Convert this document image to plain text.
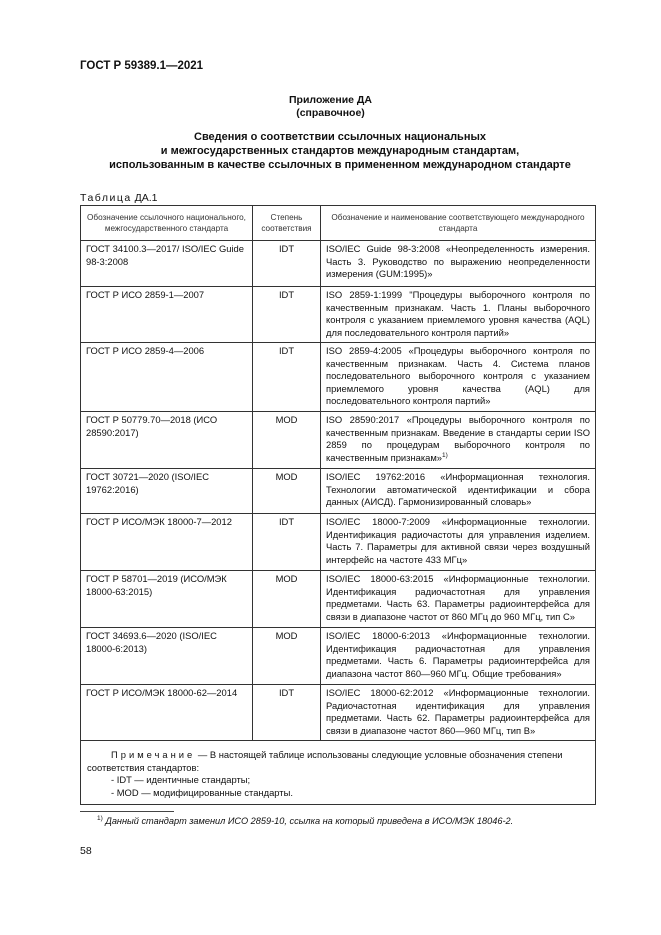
ГОСТ Р 59389.1—2021
Приложение ДА
(справочное)
Сведения о соответствии ссылочных национальных
и межгосударственных стандартов международным стандартам,
использованным в качестве ссылочных в примененном международном стандарте
Таблица ДА.1
Обозначение ссылочного национального, межгосударственного стандарта	Степень соответствия	Обозначение и наименование соответствующего международного стандарта
ГОСТ 34100.3—2017/ ISO/IEC Guide 98-3:2008	IDT	ISO/IEC Guide 98-3:2008 «Неопределенность измерения. Часть 3. Руководство по выражению неопределенности измерения (GUM:1995)»
ГОСТ Р ИСО 2859-1—2007	IDT	ISO 2859-1:1999 "Процедуры выборочного контроля по качественным признакам. Часть 1. Планы выборочного контроля с указанием приемлемого уровня качества (AQL) для последовательного контроля партий»
ГОСТ Р ИСО 2859-4—2006	IDT	ISO 2859-4:2005 «Процедуры выборочного контроля по качественным признакам. Часть 4. Система планов последовательного выборочного контроля с указанием приемлемого уровня качества (AQL) для последовательного контроля партий»
ГОСТ Р 50779.70—2018 (ИСО 28590:2017)	MOD	ISO 28590:2017 «Процедуры выборочного контроля по качественным признакам. Введение в стандарты серии ISO 2859 по процедурам выборочного контроля по качественным признакам»$^{1)}$
ГОСТ 30721—2020 (ISO/IEC 19762:2016)	MOD	ISO/IEC 19762:2016 «Информационная технология. Технологии автоматической идентификации и сбора данных (АИСД). Гармонизированный словарь»
ГОСТ Р ИСО/МЭК 18000-7—2012	IDT	ISO/IEC 18000-7:2009 «Информационные технологии. Идентификация радиочастоты для управления изделием. Часть 7. Параметры для активной связи через воздушный интерфейс на частоте 433 МГц»
ГОСТ Р 58701—2019 (ИСО/МЭК 18000-63:2015)	MOD	ISO/IEC 18000-63:2015 «Информационные технологии. Идентификация радиочастотная для управления предметами. Часть 63. Параметры радиоинтерфейса для связи в диапазоне частот от 860 МГц до 960 МГц, тип С»
ГОСТ 34693.6—2020 (ISO/IEC 18000-6:2013)	MOD	ISO/IEC 18000-6:2013 «Информационные технологии. Идентификация радиочастотная для управления предметами. Часть 6. Параметры радиоинтерфейса для диапазона частот 860—960 МГц. Общие требования»
ГОСТ Р ИСО/МЭК 18000-62—2014	IDT	ISO/IEC 18000-62:2012 «Информационные технологии. Радиочастотная идентификация для управления предметами. Часть 62. Параметры радиоинтерфейса для связи в диапазоне частот 860—960 МГц, тип В»

Примечание — В настоящей таблице использованы следующие условные обозначения степени соответствия стандартов:
- IDT — идентичные стандарты;
- MOD — модифицированные стандарты.		
$^{1)}$ Данный стандарт заменил ИСО 2859-10, ссылка на который приведена в ИСО/МЭК 18046-2.
58
